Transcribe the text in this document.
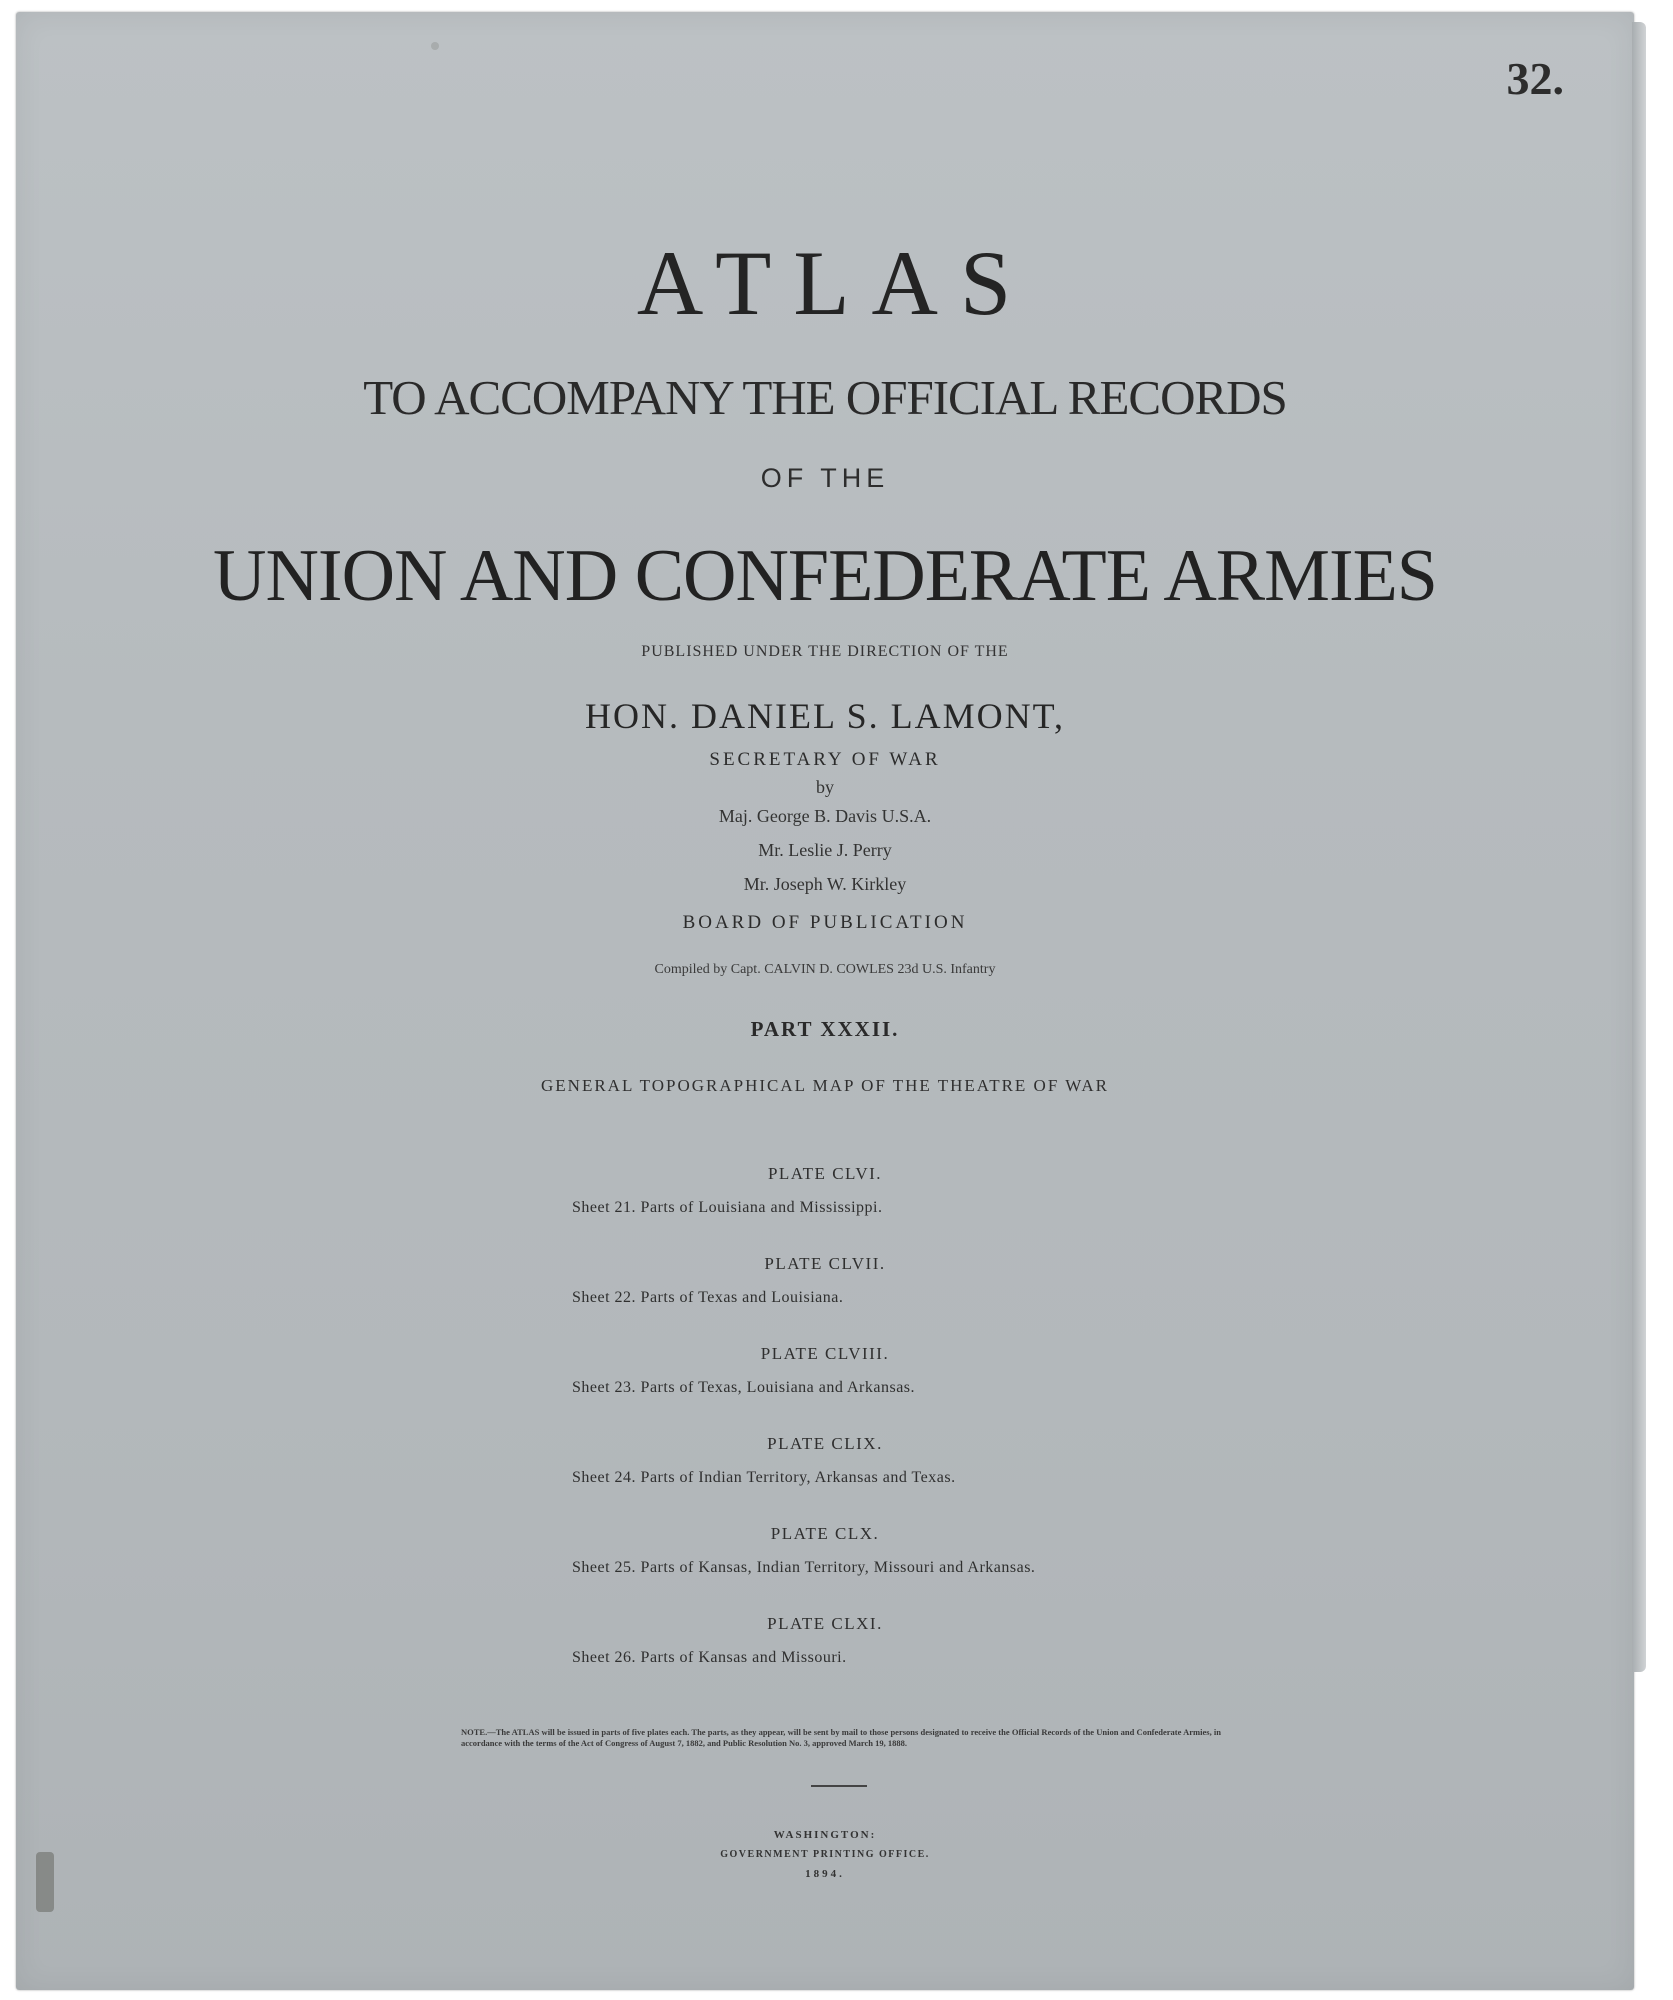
32.
ATLAS
TO ACCOMPANY THE OFFICIAL RECORDS
OF THE
UNION AND CONFEDERATE ARMIES
PUBLISHED UNDER THE DIRECTION OF THE
HON. DANIEL S. LAMONT,
SECRETARY OF WAR
by
Maj. George B. Davis U.S.A.
Mr. Leslie J. Perry
Mr. Joseph W. Kirkley
BOARD OF PUBLICATION
Compiled by Capt. CALVIN D. COWLES 23d U.S. Infantry
PART XXXII.
GENERAL TOPOGRAPHICAL MAP OF THE THEATRE OF WAR
PLATE CLVI.
Sheet 21. Parts of Louisiana and Mississippi.
PLATE CLVII.
Sheet 22. Parts of Texas and Louisiana.
PLATE CLVIII.
Sheet 23. Parts of Texas, Louisiana and Arkansas.
PLATE CLIX.
Sheet 24. Parts of Indian Territory, Arkansas and Texas.
PLATE CLX.
Sheet 25. Parts of Kansas, Indian Territory, Missouri and Arkansas.
PLATE CLXI.
Sheet 26. Parts of Kansas and Missouri.
NOTE.—The ATLAS will be issued in parts of five plates each. The parts, as they appear, will be sent by mail to those persons designated to receive the Official Records of the Union and Confederate Armies, in accordance with the terms of the Act of Congress of August 7, 1882, and Public Resolution No. 3, approved March 19, 1888.
WASHINGTON:
GOVERNMENT PRINTING OFFICE.
1894.
